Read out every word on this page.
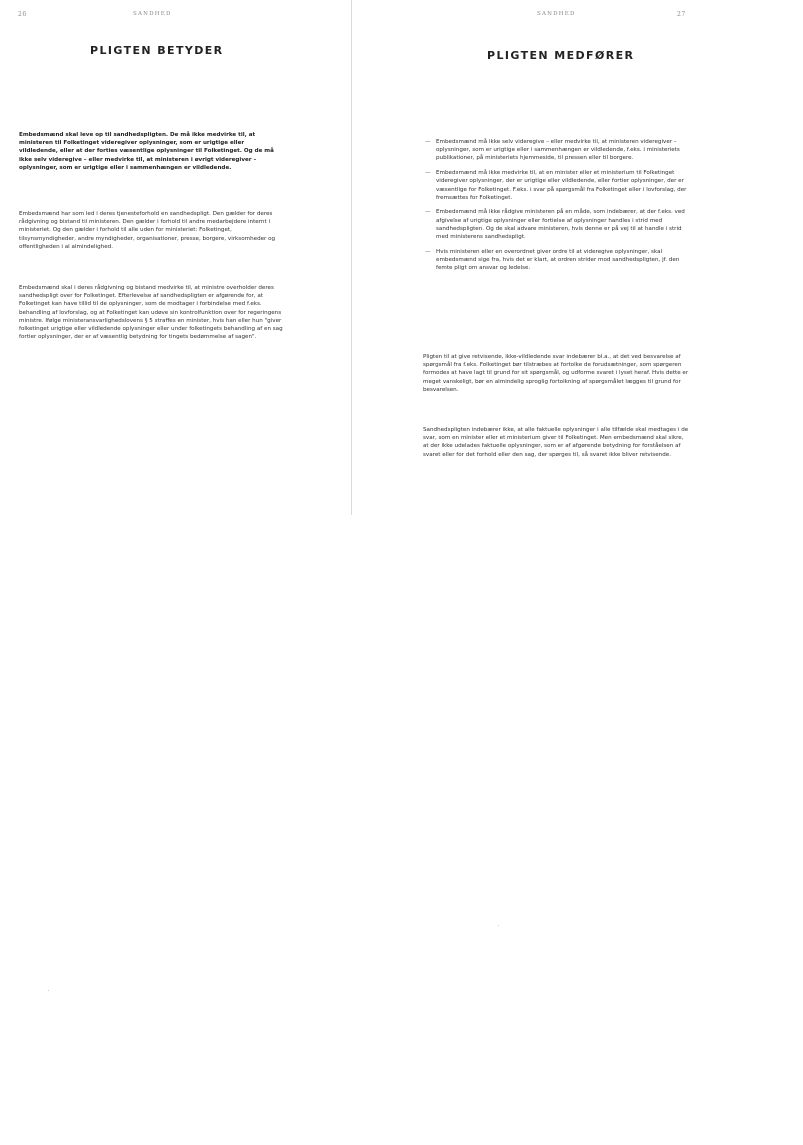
26	SANDHED
PLIGTEN BETYDER

Embedsmænd skal leve op til sandhedspligten. De må ikke medvirke til, at ministeren til Folketinget videregiver oplysninger, som er urigtige eller vildledende, eller at der forties væsentlige oplysninger til Folketinget. Og de må ikke selv videregive – eller medvirke til, at ministeren i øvrigt videregiver – oplysninger, som er urigtige eller i sammenhængen er vildledende.

Embedsmænd har som led i deres tjenesteforhold en sandhedspligt. Den gælder for deres rådgivning og bistand til ministeren. Den gælder i forhold til andre medarbejdere internt i ministeriet. Og den gælder i forhold til alle uden for ministeriet: Folketinget, tilsynsmyndigheder, andre myndigheder, organisationer, presse, borgere, virksomheder og offentligheden i al almindelighed.

Embedsmænd skal i deres rådgivning og bistand medvirke til, at ministre overholder deres sandhedspligt over for Folketinget. Efterlevelse af sandhedspligten er afgørende for, at Folketinget kan have tillid til de oplysninger, som de modtager i forbindelse med f.eks. behandling af lovforslag, og at Folketinget kan udøve sin kontrolfunktion over for regeringens ministre. Ifølge ministeransvarlighedslovens § 5 straffes en minister, hvis han eller hun "giver folketinget urigtige eller vildledende oplysninger eller under folketingets behandling af en sag fortier oplysninger, der er af væsentlig betydning for tingets bedømmelse af sagen".

SANDHED	27
PLIGTEN MEDFØRER
— Embedsmænd må ikke selv videregive – eller medvirke til, at ministeren videregiver – oplysninger, som er urigtige eller i sammenhængen er vildledende, f.eks. i ministeriets publikationer, på ministeriets hjemmeside, til pressen eller til borgere.
— Embedsmænd må ikke medvirke til, at en minister eller et ministerium til Folketinget videregiver oplysninger, der er urigtige eller vildledende, eller fortier oplysninger, der er væsentlige for Folketinget. F.eks. i svar på spørgsmål fra Folketinget eller i lovforslag, der fremsættes for Folketinget.
— Embedsmænd må ikke rådgive ministeren på en måde, som indebærer, at der f.eks. ved afgivelse af urigtige oplysninger eller fortielse af oplysninger handles i strid med sandhedspligten. Og de skal advare ministeren, hvis denne er på vej til at handle i strid med ministerens sandhedspligt.
— Hvis ministeren eller en overordnet giver ordre til at videregive oplysninger, skal embedsmænd sige fra, hvis det er klart, at ordren strider mod sandhedspligten, jf. den femte pligt om ansvar og ledelse.

Pligten til at give retvisende, ikke-vildledende svar indebærer bl.a., at det ved besvarelse af spørgsmål fra f.eks. Folketinget bør tilstræbes at fortolke de forudsætninger, som spørgeren formodes at have lagt til grund for sit spørgsmål, og udforme svaret i lyset heraf. Hvis dette er meget vanskeligt, bør en almindelig sproglig fortolkning af spørgsmålet lægges til grund for besvarelsen.

Sandhedspligten indebærer ikke, at alle faktuelle oplysninger i alle tilfælde skal medtages i de svar, som en minister eller et ministerium giver til Folketinget. Men embedsmænd skal sikre, at der ikke udelades faktuelle oplysninger, som er af afgørende betydning for forståelsen af svaret eller for det forhold eller den sag, der spørges til, så svaret ikke bliver retvisende.
